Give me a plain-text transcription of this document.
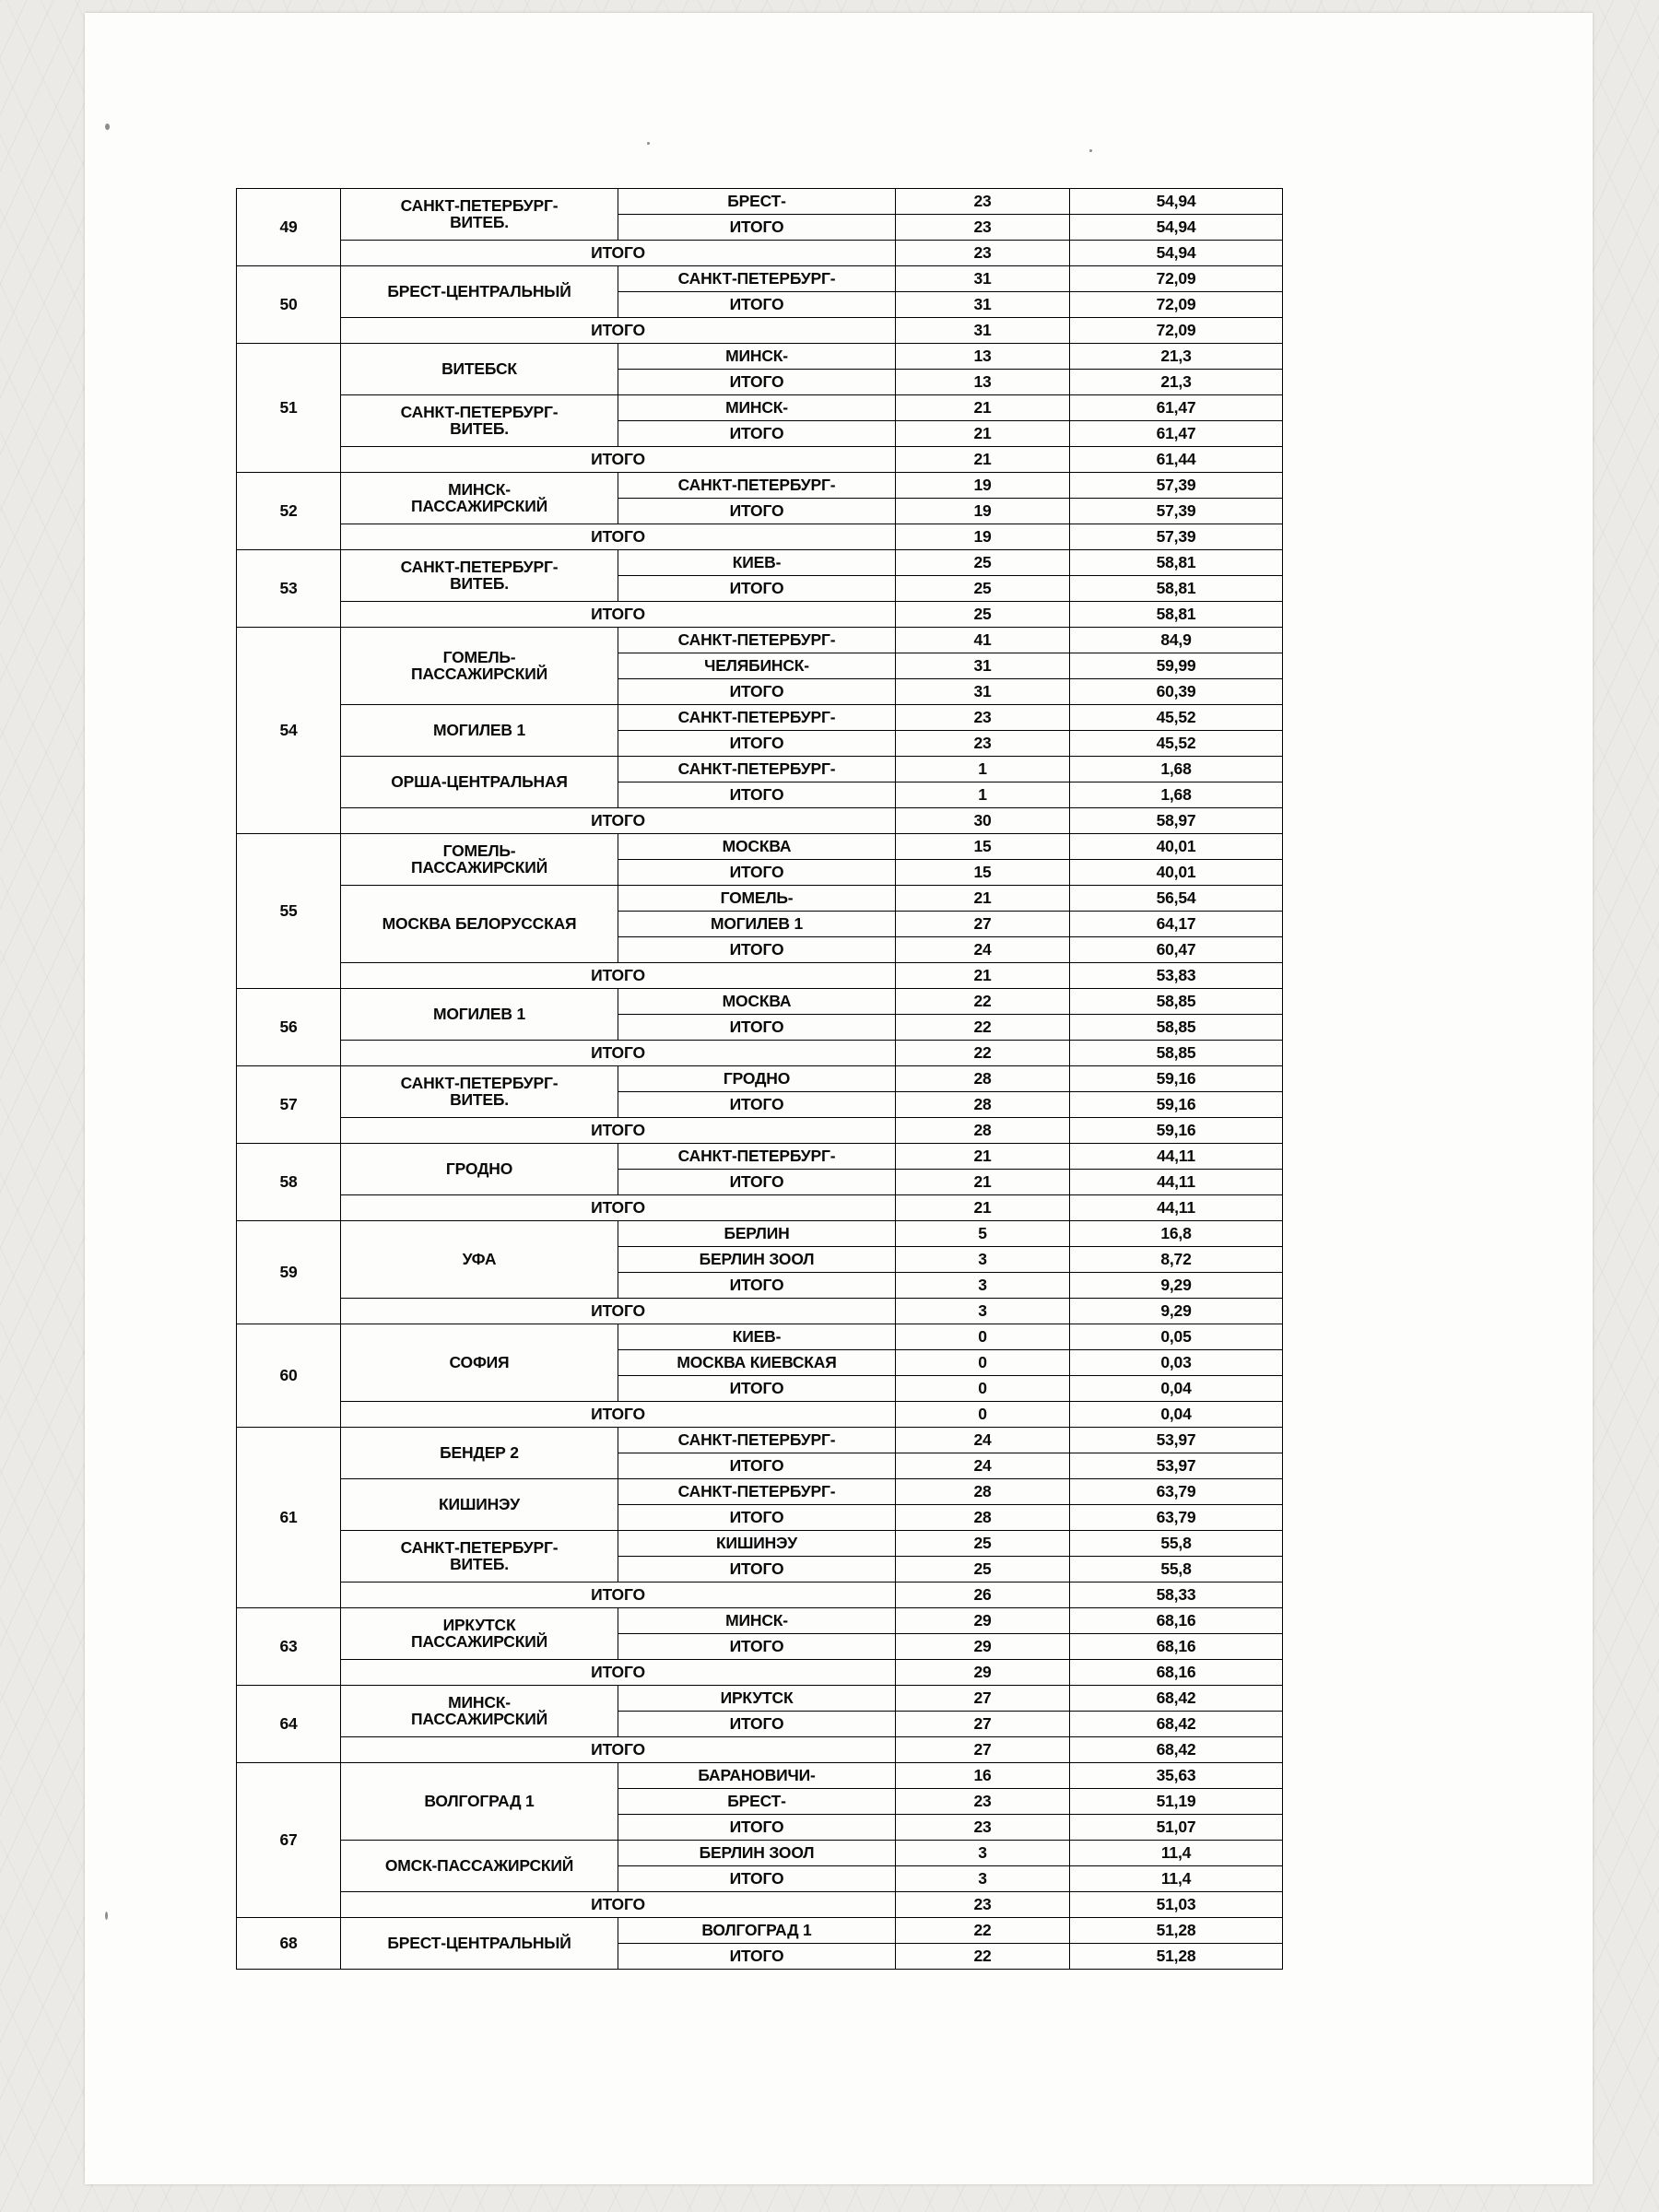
49	САНКТ-ПЕТЕРБУРГ-
ВИТЕБ.	БРЕСТ-	23	54,94
		ИТОГО	23	54,94
	ИТОГО		23	54,94
50	БРЕСТ-ЦЕНТРАЛЬНЫЙ	САНКТ-ПЕТЕРБУРГ-	31	72,09
		ИТОГО	31	72,09
	ИТОГО		31	72,09
51	ВИТЕБСК	МИНСК-	13	21,3
		ИТОГО	13	21,3

	САНКТ-ПЕТЕРБУРГ-
ВИТЕБ.	МИНСК-	21	61,47
		ИТОГО	21	61,47
	ИТОГО		21	61,44
52	МИНСК-
ПАССАЖИРСКИЙ	САНКТ-ПЕТЕРБУРГ-	19	57,39
		ИТОГО	19	57,39
	ИТОГО		19	57,39
53	САНКТ-ПЕТЕРБУРГ-
ВИТЕБ.	КИЕВ-	25	58,81
		ИТОГО	25	58,81
	ИТОГО		25	58,81
54	ГОМЕЛЬ-
ПАССАЖИРСКИЙ	САНКТ-ПЕТЕРБУРГ-	41	84,9
		ЧЕЛЯБИНСК-	31	59,99
		ИТОГО	31	60,39

	МОГИЛЕВ 1	САНКТ-ПЕТЕРБУРГ-	23	45,52
		ИТОГО	23	45,52

	ОРША-ЦЕНТРАЛЬНАЯ	САНКТ-ПЕТЕРБУРГ-	1	1,68
		ИТОГО	1	1,68
	ИТОГО		30	58,97
55	ГОМЕЛЬ-
ПАССАЖИРСКИЙ	МОСКВА	15	40,01
		ИТОГО	15	40,01

	МОСКВА БЕЛОРУССКАЯ	ГОМЕЛЬ-	21	56,54
		МОГИЛЕВ 1	27	64,17
		ИТОГО	24	60,47
	ИТОГО		21	53,83
56	МОГИЛЕВ 1	МОСКВА	22	58,85
		ИТОГО	22	58,85
	ИТОГО		22	58,85
57	САНКТ-ПЕТЕРБУРГ-
ВИТЕБ.	ГРОДНО	28	59,16
		ИТОГО	28	59,16
	ИТОГО		28	59,16
58	ГРОДНО	САНКТ-ПЕТЕРБУРГ-	21	44,11
		ИТОГО	21	44,11
	ИТОГО		21	44,11
59	УФА	БЕРЛИН	5	16,8
		БЕРЛИН ЗООЛ	3	8,72
		ИТОГО	3	9,29
	ИТОГО		3	9,29
60	СОФИЯ	КИЕВ-	0	0,05
		МОСКВА КИЕВСКАЯ	0	0,03
		ИТОГО	0	0,04
	ИТОГО		0	0,04
61	БЕНДЕР 2	САНКТ-ПЕТЕРБУРГ-	24	53,97
		ИТОГО	24	53,97

	КИШИНЭУ	САНКТ-ПЕТЕРБУРГ-	28	63,79
		ИТОГО	28	63,79

	САНКТ-ПЕТЕРБУРГ-
ВИТЕБ.	КИШИНЭУ	25	55,8
		ИТОГО	25	55,8
	ИТОГО		26	58,33
63	ИРКУТСК
ПАССАЖИРСКИЙ	МИНСК-	29	68,16
		ИТОГО	29	68,16
	ИТОГО		29	68,16
64	МИНСК-
ПАССАЖИРСКИЙ	ИРКУТСК	27	68,42
		ИТОГО	27	68,42
	ИТОГО		27	68,42
67	ВОЛГОГРАД 1	БАРАНОВИЧИ-	16	35,63
		БРЕСТ-	23	51,19
		ИТОГО	23	51,07

	ОМСК-ПАССАЖИРСКИЙ	БЕРЛИН ЗООЛ	3	11,4
		ИТОГО	3	11,4
	ИТОГО		23	51,03
68	БРЕСТ-ЦЕНТРАЛЬНЫЙ	ВОЛГОГРАД 1	22	51,28
		ИТОГО	22	51,28
